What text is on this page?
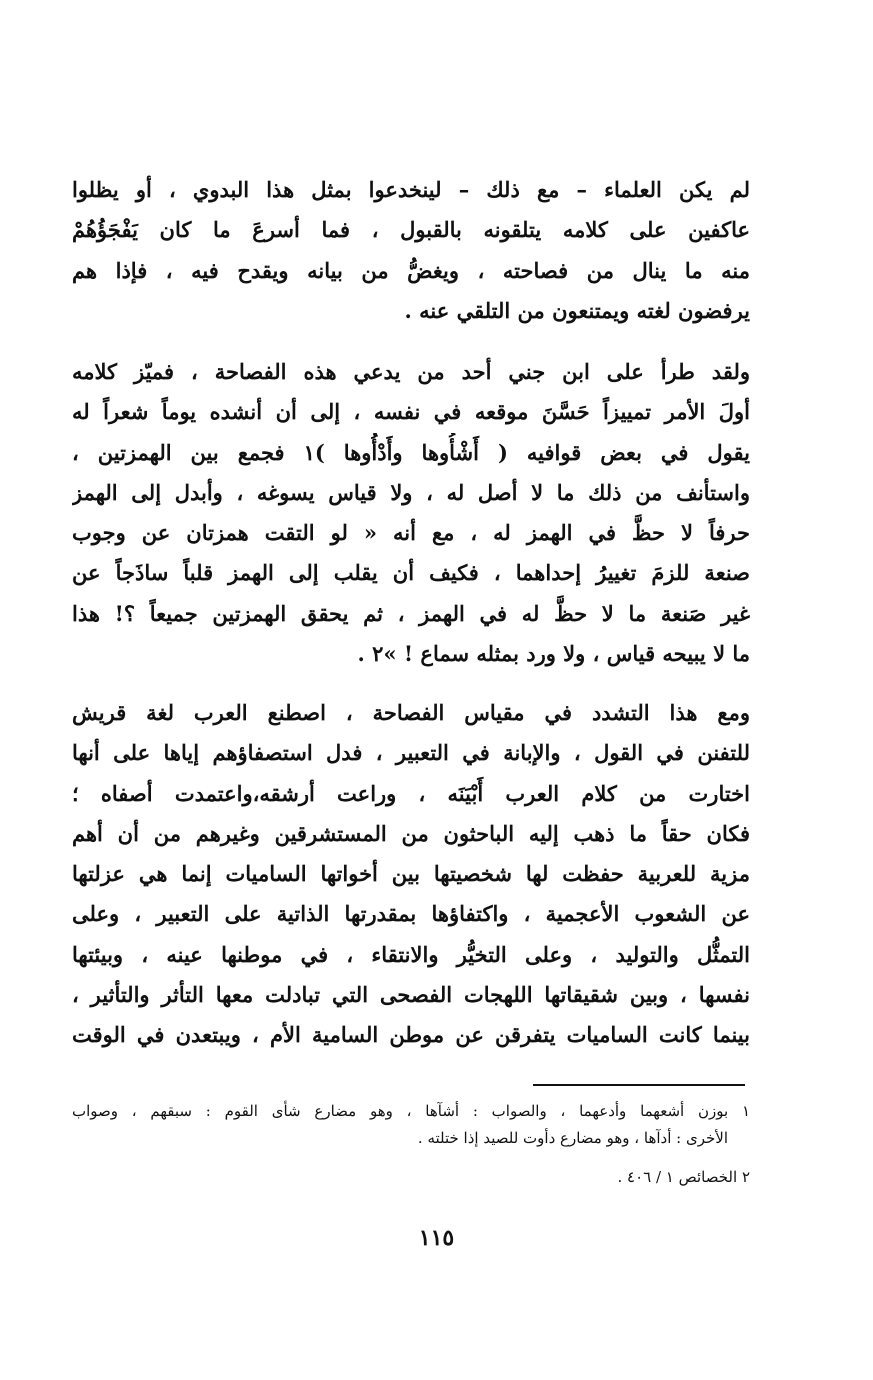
لم يكن العلماء – مع ذلك – لينخدعوا بمثل هذا البدوي ، أو يظلوا
عاكفين على كلامه يتلقونه بالقبول ، فما أسرعَ ما كان يَفْجَؤُهُمْ
منه ما ينال من فصاحته ، ويغضُّ من بيانه ويقدح فيه ، فإذا هم
يرفضون لغته ويمتنعون من التلقي عنه .
ولقد طرأ على ابن جني أحد من يدعي هذه الفصاحة ، فميّز كلامه
أولَ الأمر تمييزاً حَسَّنَ موقعه في نفسه ، إلى أن أنشده يوماً شعراً له
يقول في بعض قوافيه ( أَشْأُوها وأَدْأُوها )١ فجمع بين الهمزتين ،
واستأنف من ذلك ما لا أصل له ، ولا قياس يسوغه ، وأبدل إلى الهمز
حرفاً لا حظَّ في الهمز له ، مع أنه « لو التقت همزتان عن وجوب
صنعة للزمَ تغييرُ إحداهما ، فكيف أن يقلب إلى الهمز قلباً ساذَجاً عن
غير صَنعة ما لا حظَّ له في الهمز ، ثم يحقق الهمزتين جميعاً ؟! هذا
ما لا يبيحه قياس ، ولا ورد بمثله سماع ! »٢ .
ومع هذا التشدد في مقياس الفصاحة ، اصطنع العرب لغة قريش
للتفنن في القول ، والإبانة في التعبير ، فدل استصفاؤهم إياها على أنها
اختارت من كلام العرب أَبْيَنَه ، وراعت أرشقه،واعتمدت أصفاه ؛
فكان حقاً ما ذهب إليه الباحثون من المستشرقين وغيرهم من أن أهم
مزية للعربية حفظت لها شخصيتها بين أخواتها الساميات إنما هي عزلتها
عن الشعوب الأعجمية ، واكتفاؤها بمقدرتها الذاتية على التعبير ، وعلى
التمثُّل والتوليد ، وعلى التخيُّر والانتقاء ، في موطنها عينه ، وبيئتها
نفسها ، وبين شقيقاتها اللهجات الفصحى التي تبادلت معها التأثر والتأثير ،
بينما كانت الساميات يتفرقن عن موطن السامية الأم ، ويبتعدن في الوقت
١ بوزن أشعهما وأدعهما ، والصواب : أشآها ، وهو مضارع شأى القوم : سبقهم ، وصواب
الأخرى : أدآها ، وهو مضارع دأوت للصيد إذا ختلته .
٢ الخصائص ١ / ٤٠٦ .
١١٥
